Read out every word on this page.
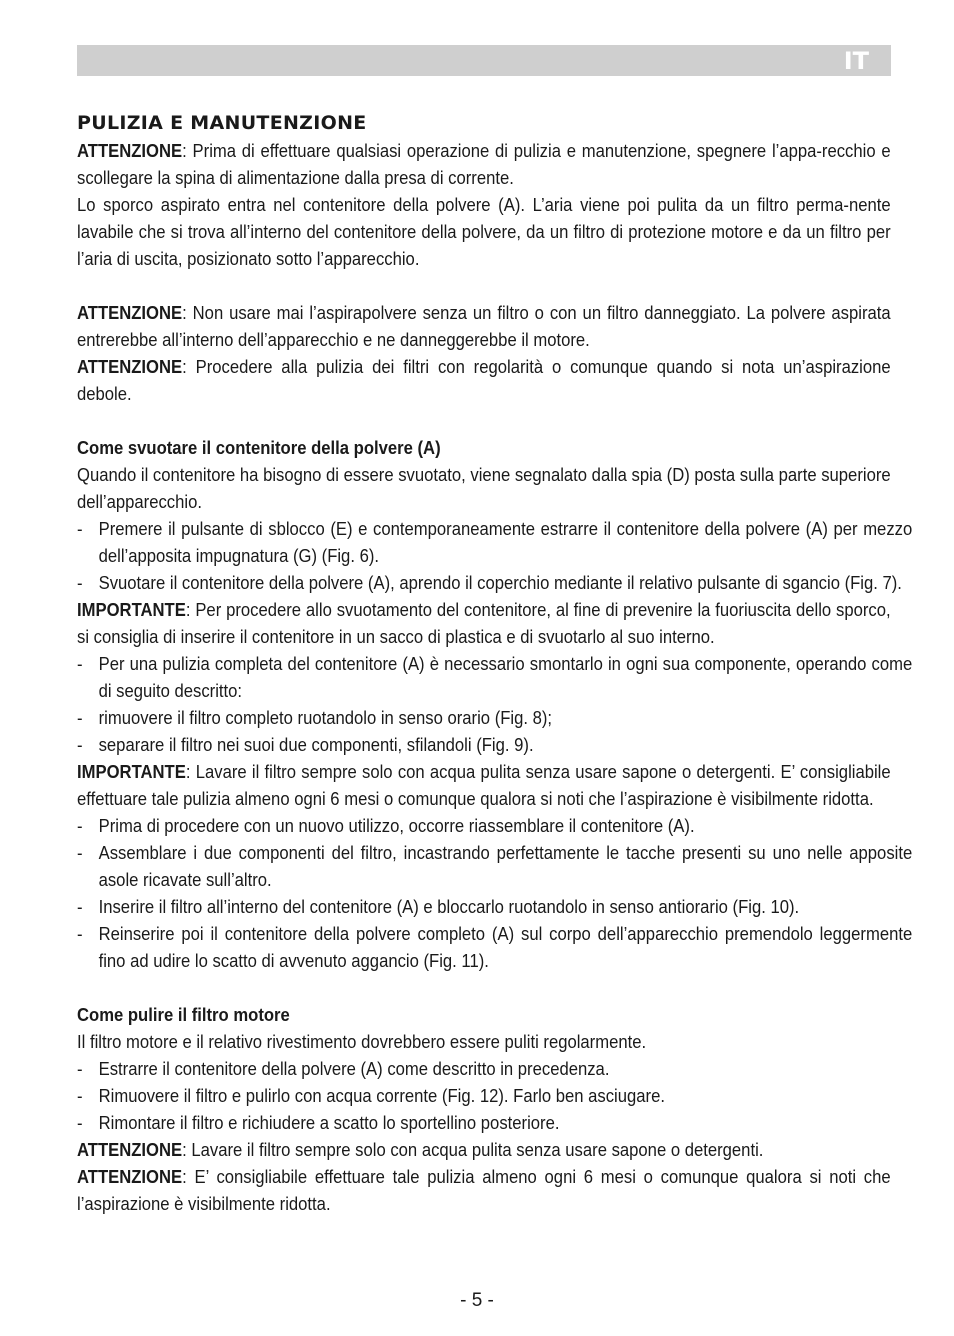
IT
PULIZIA E MANUTENZIONE

ATTENZIONE: Prima di effettuare qualsiasi operazione di pulizia e manutenzione, spegnere l’appa-recchio e scollegare la spina di alimentazione dalla presa di corrente.

Lo sporco aspirato entra nel contenitore della polvere (A). L’aria viene poi pulita da un filtro perma-nente lavabile che si trova all’interno del contenitore della polvere, da un filtro di protezione motore e da un filtro per l’aria di uscita, posizionato sotto l’apparecchio.

ATTENZIONE: Non usare mai l’aspirapolvere senza un filtro o con un filtro danneggiato. La polvere aspirata entrerebbe all’interno dell’apparecchio e ne danneggerebbe il motore.

ATTENZIONE: Procedere alla pulizia dei filtri con regolarità o comunque quando si nota un’aspirazione debole.

Come svuotare il contenitore della polvere (A)

Quando il contenitore ha bisogno di essere svuotato, viene segnalato dalla spia (D) posta sulla parte superiore dell’apparecchio.

- Premere il pulsante di sblocco (E) e contemporaneamente estrarre il contenitore della polvere (A) per mezzo dell’apposita impugnatura (G) (Fig. 6).

- Svuotare il contenitore della polvere (A), aprendo il coperchio mediante il relativo pulsante di sgancio (Fig. 7).

IMPORTANTE: Per procedere allo svuotamento del contenitore, al fine di prevenire la fuoriuscita dello sporco, si consiglia di inserire il contenitore in un sacco di plastica e di svuotarlo al suo interno.

- Per una pulizia completa del contenitore (A) è necessario smontarlo in ogni sua componente, operando come di seguito descritto:

- rimuovere il filtro completo ruotandolo in senso orario (Fig. 8);

- separare il filtro nei suoi due componenti, sfilandoli (Fig. 9).

IMPORTANTE: Lavare il filtro sempre solo con acqua pulita senza usare sapone o detergenti. E’ consigliabile effettuare tale pulizia almeno ogni 6 mesi o comunque qualora si noti che l’aspirazione è visibilmente ridotta.

- Prima di procedere con un nuovo utilizzo, occorre riassemblare il contenitore (A).

- Assemblare i due componenti del filtro, incastrando perfettamente le tacche presenti su uno nelle apposite asole ricavate sull’altro.

- Inserire il filtro all’interno del contenitore (A) e bloccarlo ruotandolo in senso antiorario (Fig. 10).

- Reinserire poi il contenitore della polvere completo (A) sul corpo dell’apparecchio premendolo leggermente fino ad udire lo scatto di avvenuto aggancio (Fig. 11).

Come pulire il filtro motore

Il filtro motore e il relativo rivestimento dovrebbero essere puliti regolarmente.

- Estrarre il contenitore della polvere (A) come descritto in precedenza.

- Rimuovere il filtro e pulirlo con acqua corrente (Fig. 12). Farlo ben asciugare.

- Rimontare il filtro e richiudere a scatto lo sportellino posteriore.

ATTENZIONE: Lavare il filtro sempre solo con acqua pulita senza usare sapone o detergenti.

ATTENZIONE: E’ consigliabile effettuare tale pulizia almeno ogni 6 mesi o comunque qualora si noti che l’aspirazione è visibilmente ridotta.

- 5 -
